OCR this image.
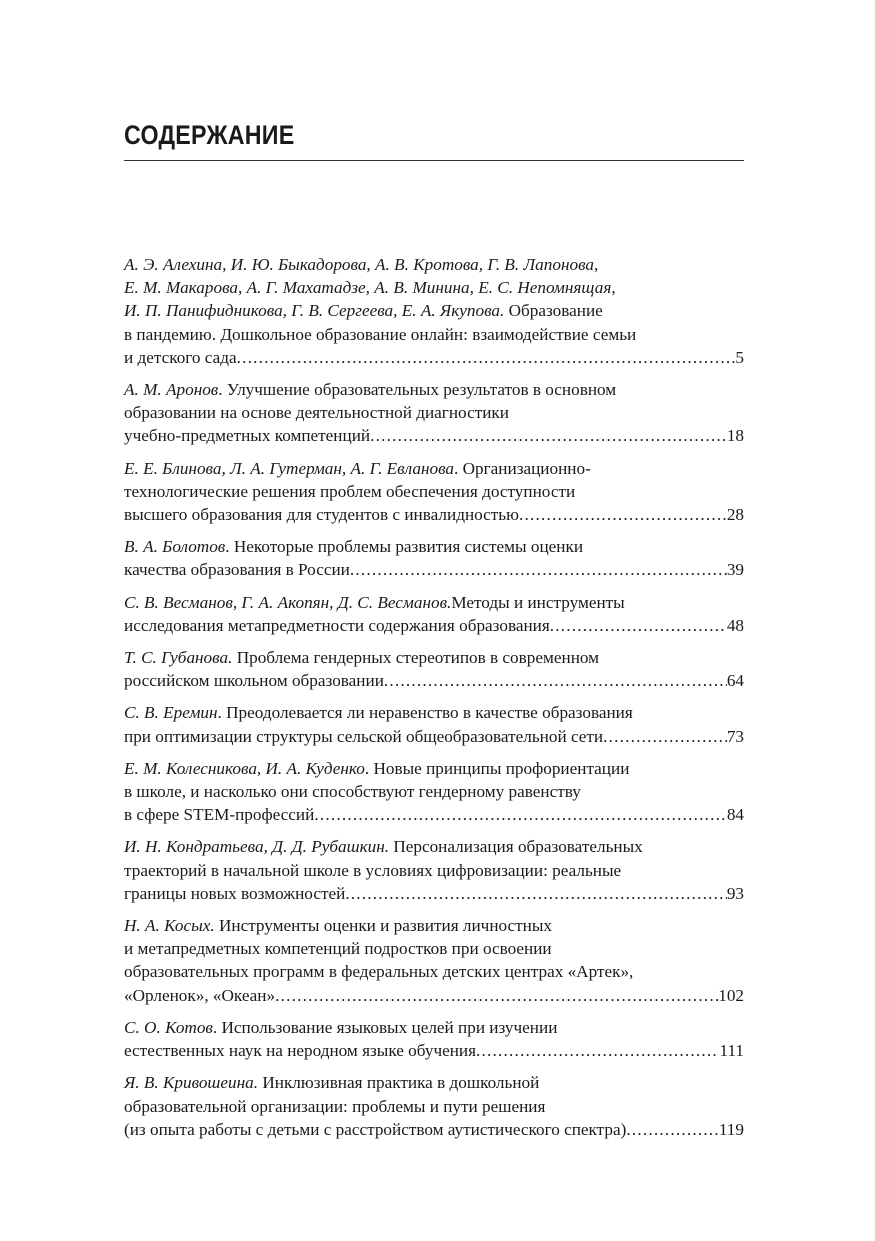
СОДЕРЖАНИЕ
А. Э. Алехина, И. Ю. Быкадорова, А. В. Кротова, Г. В. Лапонова,
Е. М. Макарова, А. Г. Махатадзе, А. В. Минина, Е. С. Непомнящая,
И. П. Панифидникова, Г. В. Сергеева, Е. А. Якупова. Образование
в пандемию. Дошкольное образование онлайн: взаимодействие семьи
и детского сада .....	5
А. М. Аронов. Улучшение образовательных результатов в основном
образовании на основе деятельностной диагностики
учебно-предметных компетенций .....	18
Е. Е. Блинова, Л. А. Гутерман, А. Г. Евланова. Организационно-
технологические решения проблем обеспечения доступности
высшего образования для студентов с инвалидностью .....	28
В. А. Болотов. Некоторые проблемы развития системы оценки
качества образования в России .....	39
С. В. Весманов, Г. А. Акопян, Д. С. Весманов.Методы и инструменты
исследования метапредметности содержания образования .....	48
Т. С. Губанова. Проблема гендерных стереотипов в современном
российском школьном образовании .....	64
С. В. Еремин. Преодолевается ли неравенство в качестве образования
при оптимизации структуры сельской общеобразовательной сети .....	73
Е. М. Колесникова, И. А. Куденко. Новые принципы профориентации
в школе, и насколько они способствуют гендерному равенству
в сфере STEM-профессий .....	84
И. Н. Кондратьева, Д. Д. Рубашкин. Персонализация образовательных
траекторий в начальной школе в условиях цифровизации: реальные
границы новых возможностей .....	93
Н. А. Косых. Инструменты оценки и развития личностных
и метапредметных компетенций подростков при освоении
образовательных программ в федеральных детских центрах «Артек»,
«Орленок», «Океан» .....	102
С. О. Котов. Использование языковых целей при изучении
естественных наук на неродном языке обучения .....	111
Я. В. Кривошеина. Инклюзивная практика в дошкольной
образовательной организации: проблемы и пути решения
(из опыта работы с детьми с расстройством аутистического спектра) .....	119
